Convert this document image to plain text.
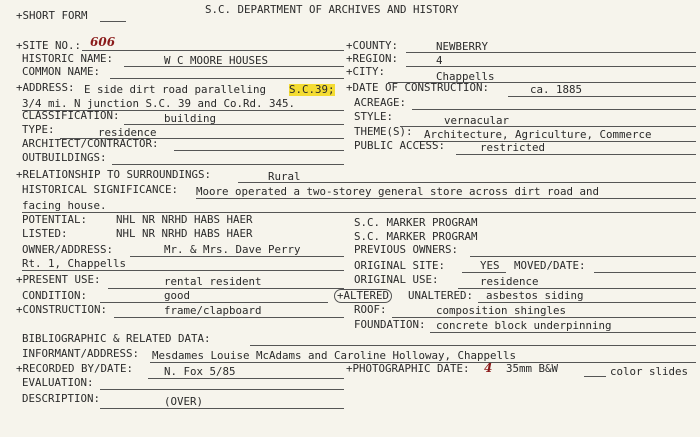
+SHORT FORM	S.C. DEPARTMENT OF ARCHIVES AND HISTORY
+SITE NO.: 606
HISTORIC NAME:	W C MOORE HOUSES
COMMON NAME:
+ADDRESS: E side dirt road paralleling S.C.39;
3/4 mi. N junction S.C. 39 and Co.Rd. 345.
CLASSIFICATION:	building
TYPE:	residence
ARCHITECT/CONTRACTOR:
OUTBUILDINGS:
+COUNTY:	NEWBERRY
+REGION:	4
+CITY:	Chappells
+DATE OF CONSTRUCTION:	ca. 1885
ACREAGE:
STYLE:	vernacular
THEME(S): Architecture, Agriculture, Commerce
PUBLIC ACCESS:	restricted
+RELATIONSHIP TO SURROUNDINGS:	Rural
HISTORICAL SIGNIFICANCE: Moore operated a two-storey general store across dirt road and
facing house.
POTENTIAL:	NHL NR NRHD HABS HAER	S.C. MARKER PROGRAM
LISTED:	NHL NR NRHD HABS HAER	S.C. MARKER PROGRAM
OWNER/ADDRESS:	Mr. & Mrs. Dave Perry
Rt. 1, Chappells
PREVIOUS OWNERS:
ORIGINAL SITE:	YES MOVED/DATE:
+PRESENT USE:	rental resident	ORIGINAL USE:	residence
CONDITION:	good	+ALTERED UNALTERED: asbestos siding
+CONSTRUCTION:	frame/clapboard	ROOF:	composition shingles
FOUNDATION: concrete block underpinning
BIBLIOGRAPHIC & RELATED DATA:
INFORMANT/ADDRESS: Mesdames Louise McAdams and Caroline Holloway, Chappells
+RECORDED BY/DATE:	N. Fox 5/85	+PHOTOGRAPHIC DATE: 4 35mm B&W	color slides
EVALUATION:
DESCRIPTION:	(OVER)
